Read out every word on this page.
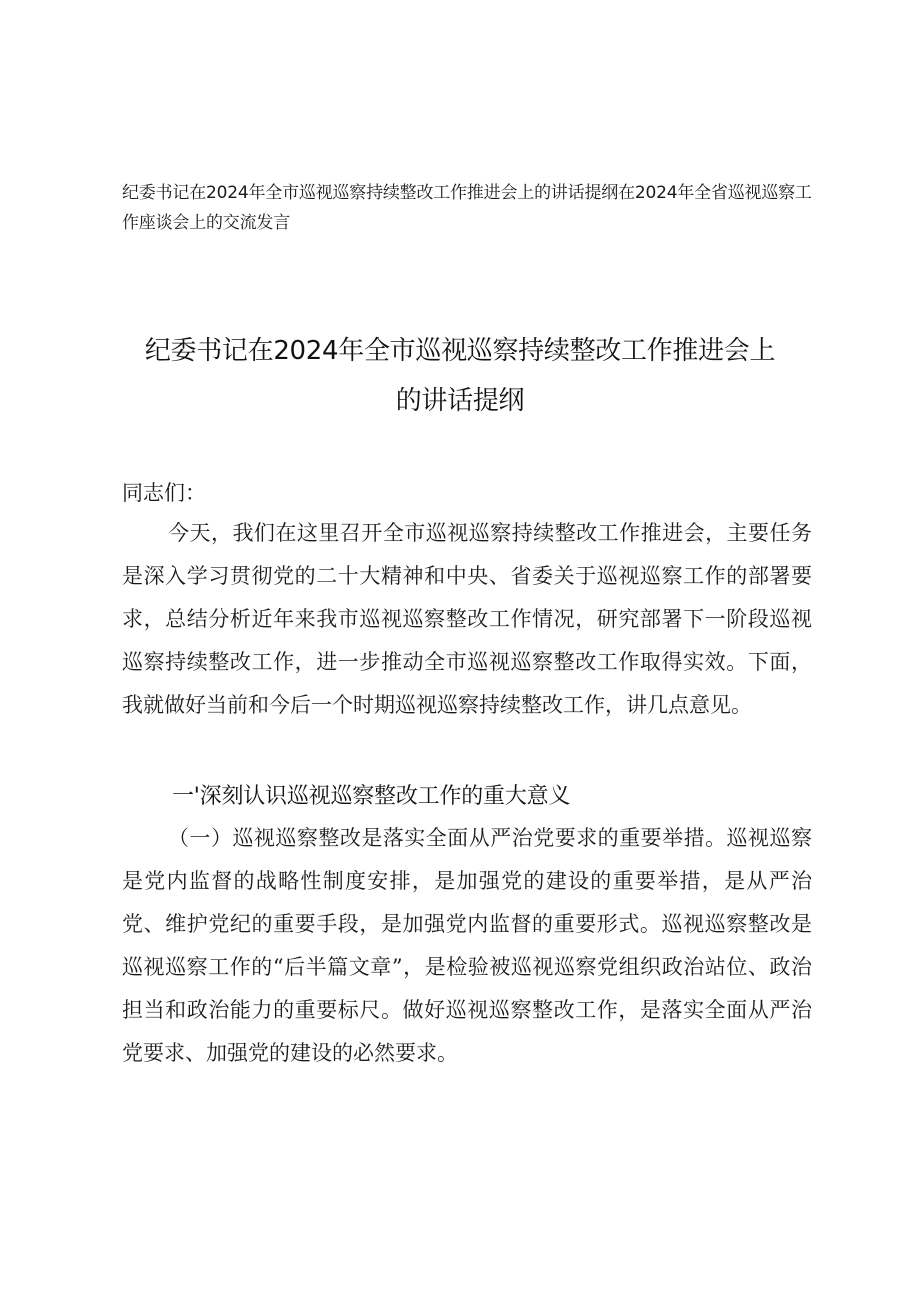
纪委书记在2024年全市巡视巡察持续整改工作推进会上的讲话提纲在2024年全省巡视巡察工作座谈会上的交流发言
纪委书记在2024年全市巡视巡察持续整改工作推进会上
的讲话提纲
同志们：
今天，我们在这里召开全市巡视巡察持续整改工作推进会，主要任务是深入学习贯彻党的二十大精神和中央、省委关于巡视巡察工作的部署要求，总结分析近年来我市巡视巡察整改工作情况，研究部署下一阶段巡视巡察持续整改工作，进一步推动全市巡视巡察整改工作取得实效。下面，我就做好当前和今后一个时期巡视巡察持续整改工作，讲几点意见。
一'深刻认识巡视巡察整改工作的重大意义
（一）巡视巡察整改是落实全面从严治党要求的重要举措。巡视巡察是党内监督的战略性制度安排，是加强党的建设的重要举措，是从严治党、维护党纪的重要手段，是加强党内监督的重要形式。巡视巡察整改是巡视巡察工作的“后半篇文章”，是检验被巡视巡察党组织政治站位、政治担当和政治能力的重要标尺。做好巡视巡察整改工作，是落实全面从严治党要求、加强党的建设的必然要求。
